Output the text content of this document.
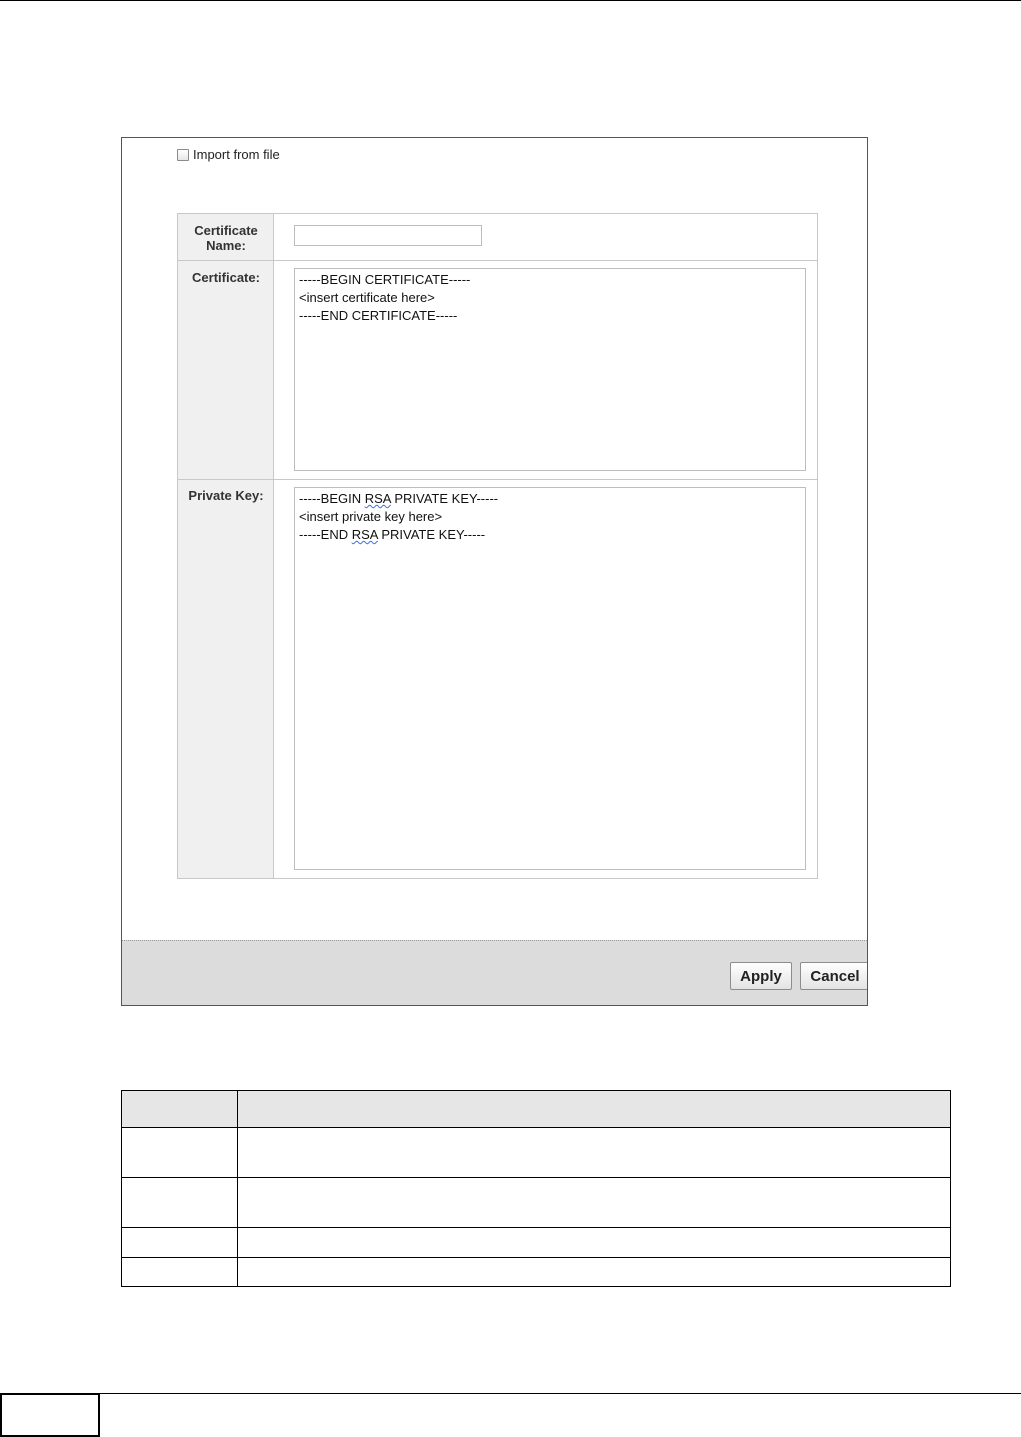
Import from file
Certificate Name:
Certificate:	-----BEGIN CERTIFICATE-----
<insert certificate here>
-----END CERTIFICATE-----
Private Key:	-----BEGIN RSA PRIVATE KEY-----
<insert private key here>
-----END RSA PRIVATE KEY-----
Apply	Cancel
